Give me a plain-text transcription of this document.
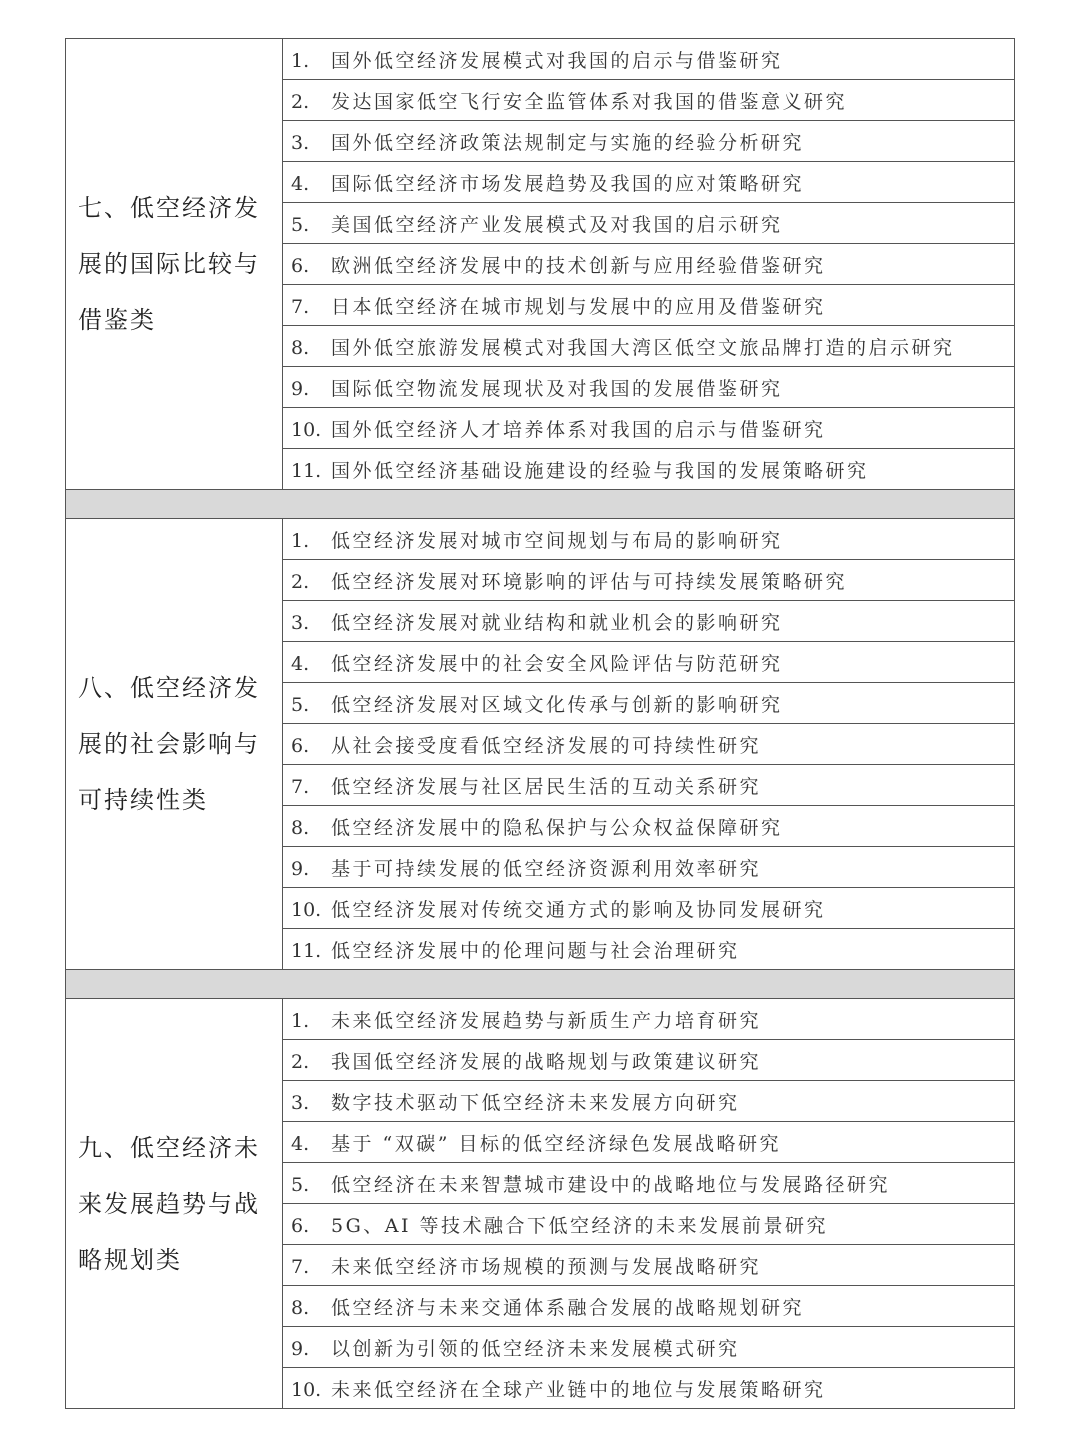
七、低空经济发展的国际比较与借鉴类	1. 国外低空经济发展模式对我国的启示与借鉴研究
	2. 发达国家低空飞行安全监管体系对我国的借鉴意义研究
	3. 国外低空经济政策法规制定与实施的经验分析研究
	4. 国际低空经济市场发展趋势及我国的应对策略研究
	5. 美国低空经济产业发展模式及对我国的启示研究
	6. 欧洲低空经济发展中的技术创新与应用经验借鉴研究
	7. 日本低空经济在城市规划与发展中的应用及借鉴研究
	8. 国外低空旅游发展模式对我国大湾区低空文旅品牌打造的启示研究
	9. 国际低空物流发展现状及对我国的发展借鉴研究
	10. 国外低空经济人才培养体系对我国的启示与借鉴研究
	11. 国外低空经济基础设施建设的经验与我国的发展策略研究

八、低空经济发展的社会影响与可持续性类	1. 低空经济发展对城市空间规划与布局的影响研究
	2. 低空经济发展对环境影响的评估与可持续发展策略研究
	3. 低空经济发展对就业结构和就业机会的影响研究
	4. 低空经济发展中的社会安全风险评估与防范研究
	5. 低空经济发展对区域文化传承与创新的影响研究
	6. 从社会接受度看低空经济发展的可持续性研究
	7. 低空经济发展与社区居民生活的互动关系研究
	8. 低空经济发展中的隐私保护与公众权益保障研究
	9. 基于可持续发展的低空经济资源利用效率研究
	10. 低空经济发展对传统交通方式的影响及协同发展研究
	11. 低空经济发展中的伦理问题与社会治理研究

九、低空经济未来发展趋势与战略规划类	1. 未来低空经济发展趋势与新质生产力培育研究
	2. 我国低空经济发展的战略规划与政策建议研究
	3. 数字技术驱动下低空经济未来发展方向研究
	4. 基于 “双碳” 目标的低空经济绿色发展战略研究
	5. 低空经济在未来智慧城市建设中的战略地位与发展路径研究
	6. 5G、AI 等技术融合下低空经济的未来发展前景研究
	7. 未来低空经济市场规模的预测与发展战略研究
	8. 低空经济与未来交通体系融合发展的战略规划研究
	9. 以创新为引领的低空经济未来发展模式研究
	10. 未来低空经济在全球产业链中的地位与发展策略研究
